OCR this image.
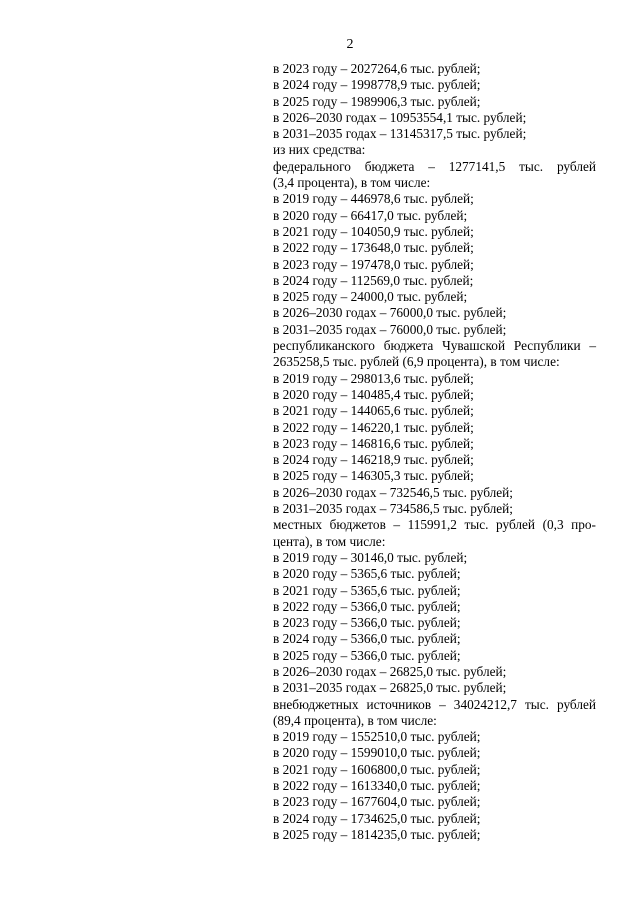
2
в 2023 году – 2027264,6 тыс. рублей;
в 2024 году – 1998778,9 тыс. рублей;
в 2025 году – 1989906,3 тыс. рублей;
в 2026–2030 годах – 10953554,1 тыс. рублей;
в 2031–2035 годах – 13145317,5 тыс. рублей;
из них средства:
федерального бюджета – 1277141,5 тыс. рублей
(3,4 процента), в том числе:
в 2019 году – 446978,6 тыс. рублей;
в 2020 году – 66417,0 тыс. рублей;
в 2021 году – 104050,9 тыс. рублей;
в 2022 году – 173648,0 тыс. рублей;
в 2023 году – 197478,0 тыс. рублей;
в 2024 году – 112569,0 тыс. рублей;
в 2025 году – 24000,0 тыс. рублей;
в 2026–2030 годах – 76000,0 тыс. рублей;
в 2031–2035 годах – 76000,0 тыс. рублей;
республиканского бюджета Чувашской Республики –
2635258,5 тыс. рублей (6,9 процента), в том числе:
в 2019 году – 298013,6 тыс. рублей;
в 2020 году – 140485,4 тыс. рублей;
в 2021 году – 144065,6 тыс. рублей;
в 2022 году – 146220,1 тыс. рублей;
в 2023 году – 146816,6 тыс. рублей;
в 2024 году – 146218,9 тыс. рублей;
в 2025 году – 146305,3 тыс. рублей;
в 2026–2030 годах – 732546,5 тыс. рублей;
в 2031–2035 годах – 734586,5 тыс. рублей;
местных бюджетов – 115991,2 тыс. рублей (0,3 про-
цента), в том числе:
в 2019 году – 30146,0 тыс. рублей;
в 2020 году – 5365,6 тыс. рублей;
в 2021 году – 5365,6 тыс. рублей;
в 2022 году – 5366,0 тыс. рублей;
в 2023 году – 5366,0 тыс. рублей;
в 2024 году – 5366,0 тыс. рублей;
в 2025 году – 5366,0 тыс. рублей;
в 2026–2030 годах – 26825,0 тыс. рублей;
в 2031–2035 годах – 26825,0 тыс. рублей;
внебюджетных источников – 34024212,7 тыс. рублей
(89,4 процента), в том числе:
в 2019 году – 1552510,0 тыс. рублей;
в 2020 году – 1599010,0 тыс. рублей;
в 2021 году – 1606800,0 тыс. рублей;
в 2022 году – 1613340,0 тыс. рублей;
в 2023 году – 1677604,0 тыс. рублей;
в 2024 году – 1734625,0 тыс. рублей;
в 2025 году – 1814235,0 тыс. рублей;
